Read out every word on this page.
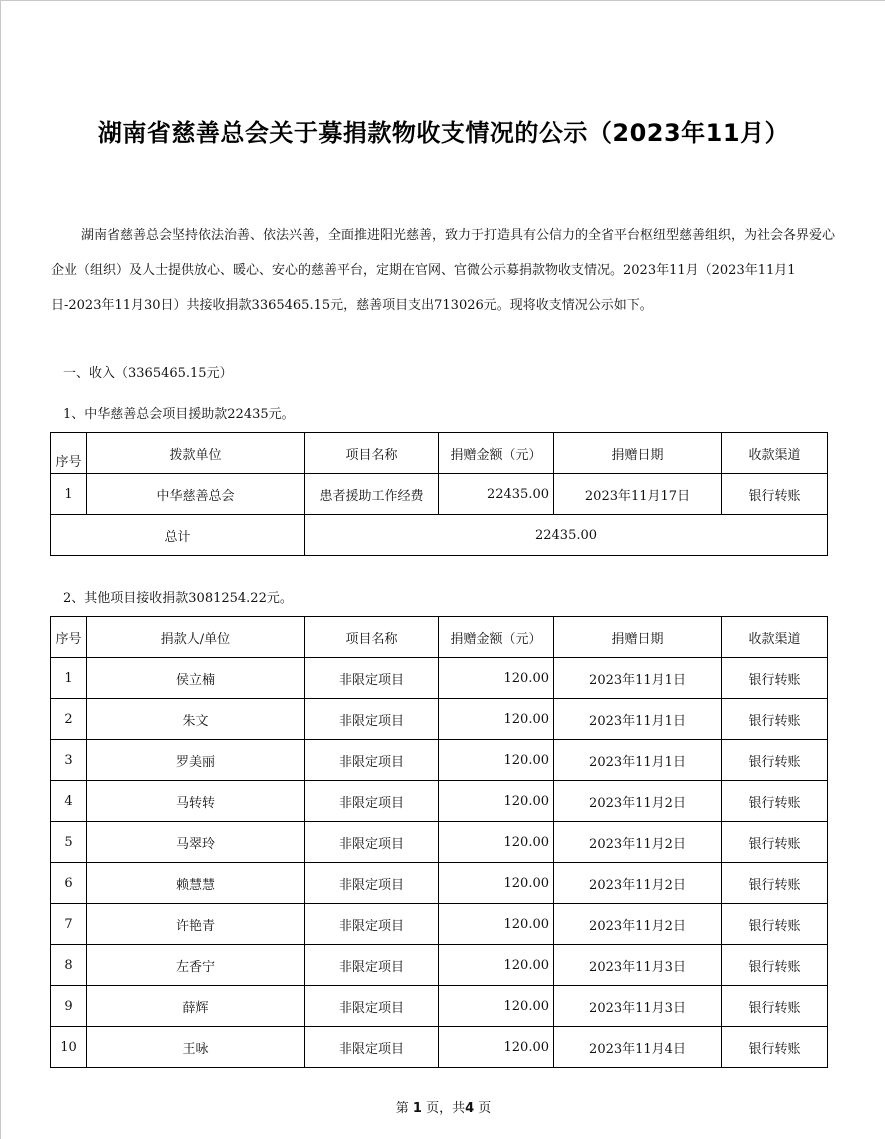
湖南省慈善总会关于募捐款物收支情况的公示（2023年11月）

湖南省慈善总会坚持依法治善、依法兴善，全面推进阳光慈善，致力于打造具有公信力的全省平台枢纽型慈善组织，为社会各界爱心企业（组织）及人士提供放心、暖心、安心的慈善平台，定期在官网、官微公示募捐款物收支情况。2023年11月（2023年11月1日-2023年11月30日）共接收捐款3365465.15元，慈善项目支出713026元。现将收支情况公示如下。

一、收入（3365465.15元）

1、中华慈善总会项目援助款22435元。

序号	拨款单位	项目名称	捐赠金额（元）	捐赠日期	收款渠道
1	中华慈善总会	患者援助工作经费	22435.00	2023年11月17日	银行转账
总计		22435.00			

2、其他项目接收捐款3081254.22元。

序号	捐款人/单位	项目名称	捐赠金额（元）	捐赠日期	收款渠道
1	侯立楠	非限定项目	120.00	2023年11月1日	银行转账
2	朱文	非限定项目	120.00	2023年11月1日	银行转账
3	罗美丽	非限定项目	120.00	2023年11月1日	银行转账
4	马转转	非限定项目	120.00	2023年11月2日	银行转账
5	马翠玲	非限定项目	120.00	2023年11月2日	银行转账
6	赖慧慧	非限定项目	120.00	2023年11月2日	银行转账
7	许艳青	非限定项目	120.00	2023年11月2日	银行转账
8	左香宁	非限定项目	120.00	2023年11月3日	银行转账
9	薛辉	非限定项目	120.00	2023年11月3日	银行转账
10	王咏	非限定项目	120.00	2023年11月4日	银行转账
第 1 页，共4 页
